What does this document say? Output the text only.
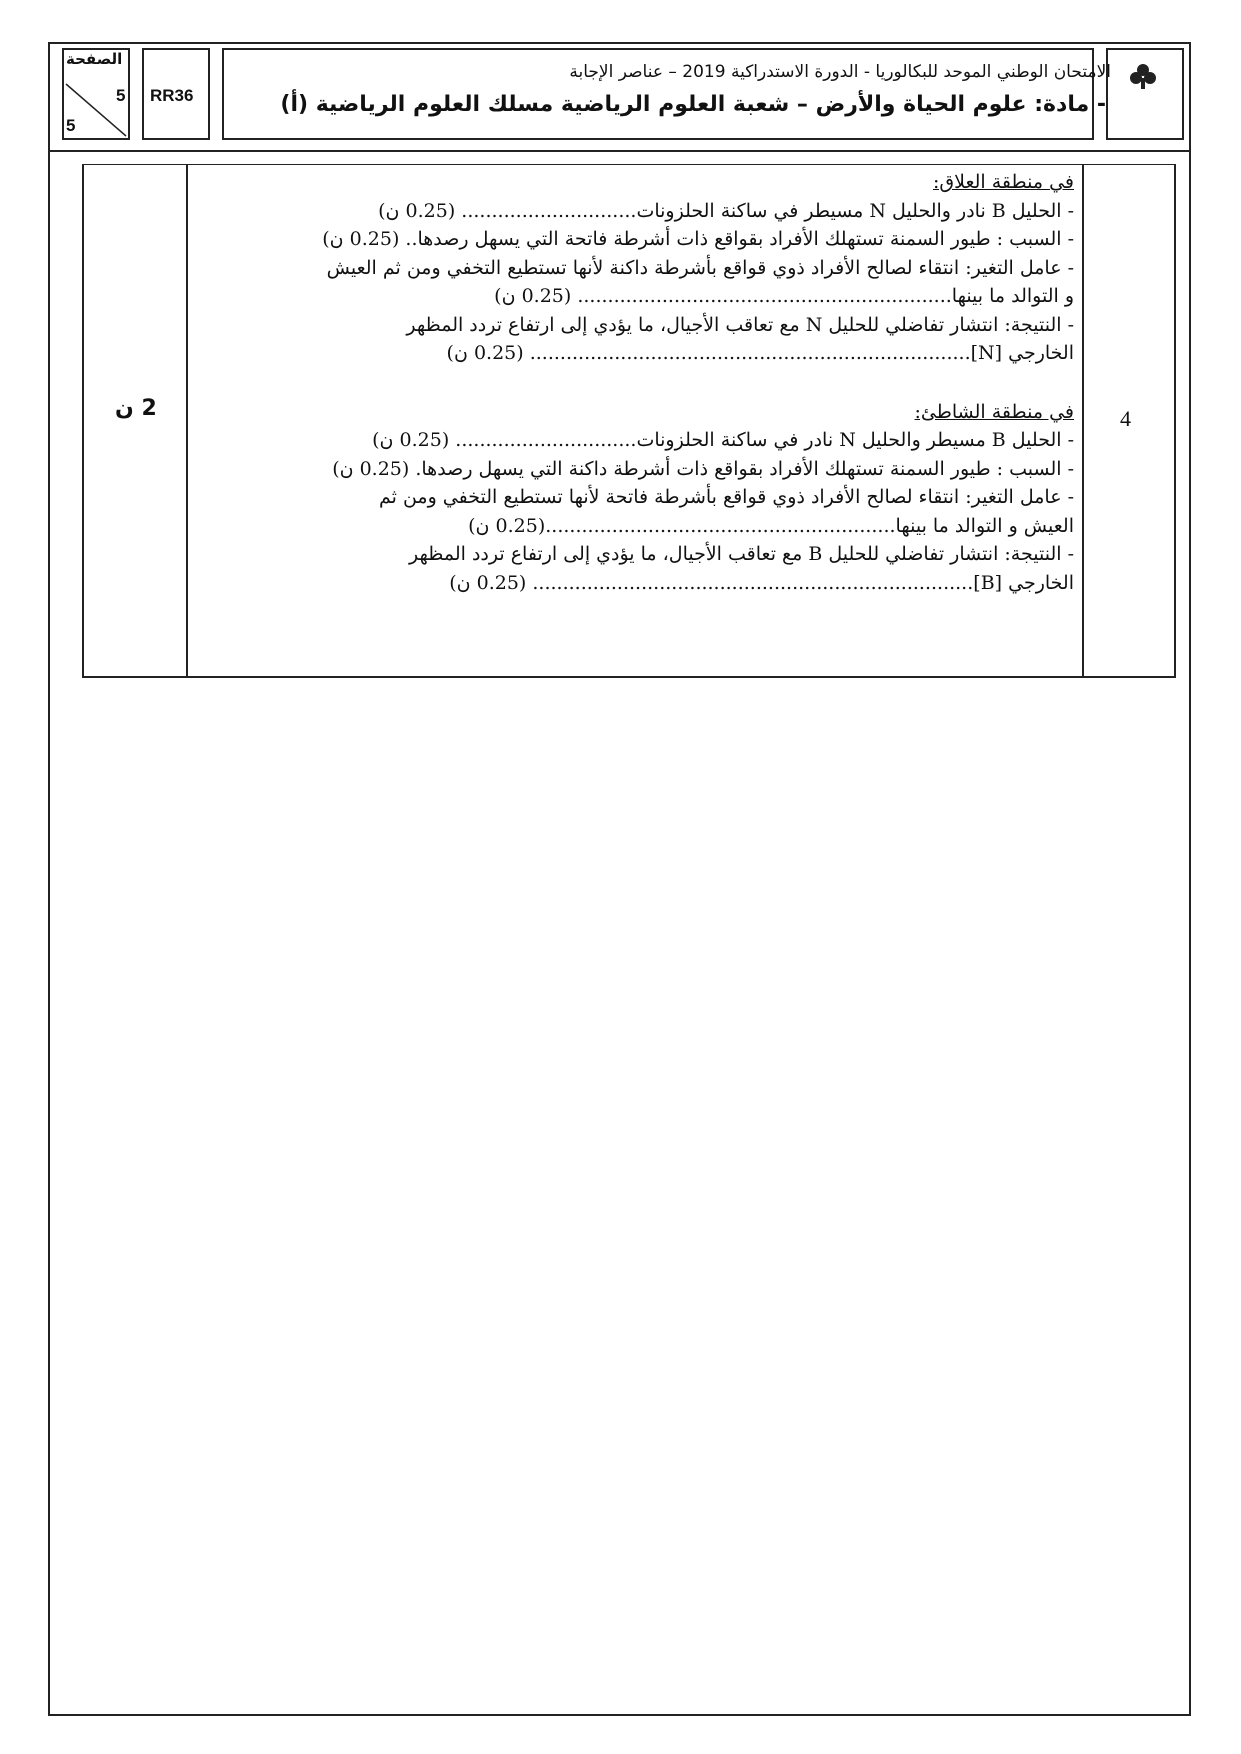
الصفحة
5
5
RR36
الامتحان الوطني الموحد للبكالوريا - الدورة الاستدراكية 2019 – عناصر الإجابة
- مادة: علوم الحياة والأرض – شعبة العلوم الرياضية مسلك العلوم الرياضية (أ)
2 ن	4

في منطقة العلاق:

- الحليل B نادر والحليل N مسيطر في ساكنة الحلزونات............................. (0.25 ن)

- السبب : طيور السمنة تستهلك الأفراد بقواقع ذات أشرطة فاتحة التي يسهل رصدها.. (0.25 ن)

- عامل التغير: انتقاء لصالح الأفراد ذوي قواقع بأشرطة داكنة لأنها تستطيع التخفي ومن ثم العيش

و التوالد ما بينها.............................................................. (0.25 ن)

- النتيجة: انتشار تفاضلي للحليل N مع تعاقب الأجيال، ما يؤدي إلى ارتفاع تردد المظهر

الخارجي [N]......................................................................... (0.25 ن)

في منطقة الشاطئ:

- الحليل B مسيطر والحليل N نادر في ساكنة الحلزونات.............................. (0.25 ن)

- السبب : طيور السمنة تستهلك الأفراد بقواقع ذات أشرطة داكنة التي يسهل رصدها. (0.25 ن)

- عامل التغير: انتقاء لصالح الأفراد ذوي قواقع بأشرطة فاتحة لأنها تستطيع التخفي ومن ثم

العيش و التوالد ما بينها..........................................................(0.25 ن)

- النتيجة: انتشار تفاضلي للحليل B مع تعاقب الأجيال، ما يؤدي إلى ارتفاع تردد المظهر

الخارجي [B]......................................................................... (0.25 ن)
